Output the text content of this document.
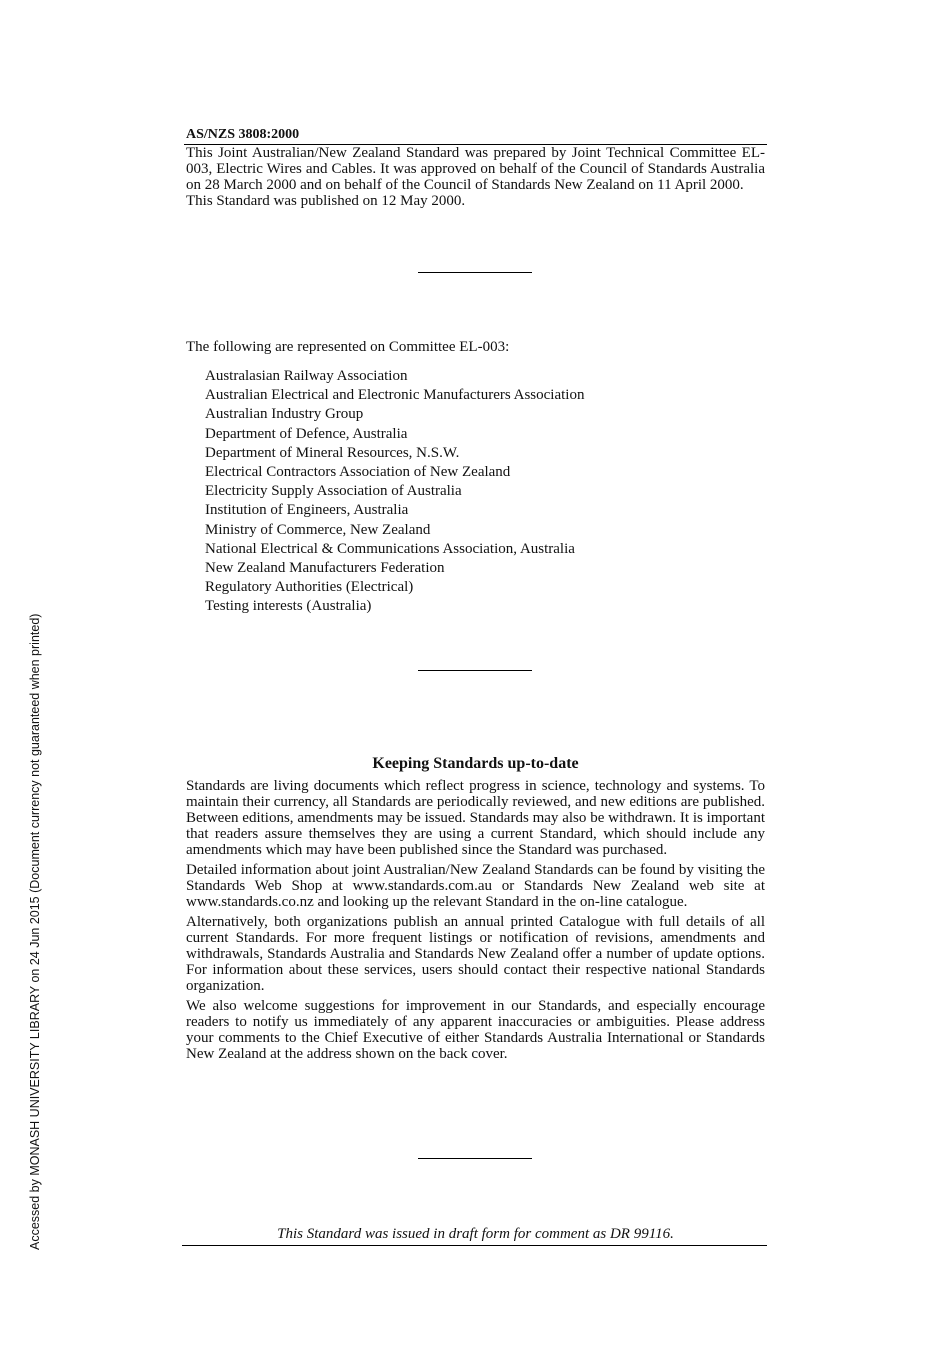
Accessed by MONASH UNIVERSITY LIBRARY on 24 Jun 2015 (Document currency not guaranteed when printed)
AS/NZS 3808:2000

This Joint Australian/New Zealand Standard was prepared by Joint Technical Committee EL-003, Electric Wires and Cables. It was approved on behalf of the Council of Standards Australia on 28 March 2000 and on behalf of the Council of Standards New Zealand on 11 April 2000.

This Standard was published on 12 May 2000.

The following are represented on Committee EL-003:

Australasian Railway Association
Australian Electrical and Electronic Manufacturers Association
Australian Industry Group
Department of Defence, Australia
Department of Mineral Resources, N.S.W.
Electrical Contractors Association of New Zealand
Electricity Supply Association of Australia
Institution of Engineers, Australia
Ministry of Commerce, New Zealand
National Electrical & Communications Association, Australia
New Zealand Manufacturers Federation
Regulatory Authorities (Electrical)
Testing interests (Australia)
Keeping Standards up-to-date

Standards are living documents which reflect progress in science, technology and systems. To maintain their currency, all Standards are periodically reviewed, and new editions are published. Between editions, amendments may be issued. Standards may also be withdrawn. It is important that readers assure themselves they are using a current Standard, which should include any amendments which may have been published since the Standard was purchased.

Detailed information about joint Australian/New Zealand Standards can be found by visiting the Standards Web Shop at www.standards.com.au or Standards New Zealand web site at www.standards.co.nz and looking up the relevant Standard in the on-line catalogue.

Alternatively, both organizations publish an annual printed Catalogue with full details of all current Standards. For more frequent listings or notification of revisions, amendments and withdrawals, Standards Australia and Standards New Zealand offer a number of update options. For information about these services, users should contact their respective national Standards organization.

We also welcome suggestions for improvement in our Standards, and especially encourage readers to notify us immediately of any apparent inaccuracies or ambiguities. Please address your comments to the Chief Executive of either Standards Australia International or Standards New Zealand at the address shown on the back cover.

This Standard was issued in draft form for comment as DR 99116.
